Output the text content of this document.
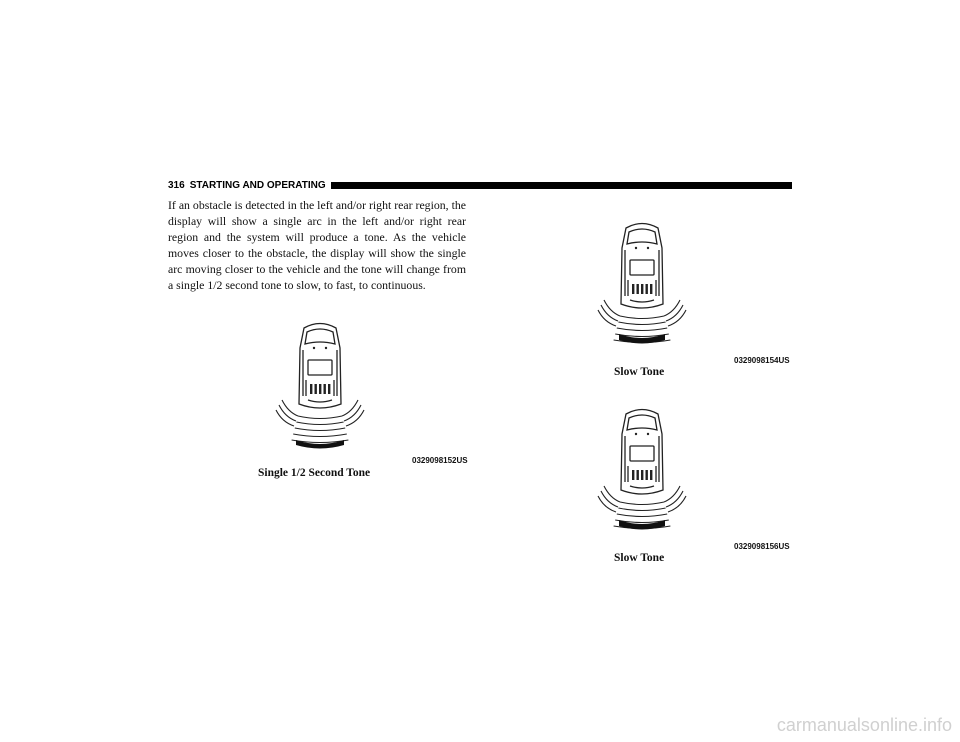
316 STARTING AND OPERATING

If an obstacle is detected in the left and/or right rear region, the display will show a single arc in the left and/or right rear region and the system will produce a tone. As the vehicle moves closer to the obstacle, the display will show the single arc moving closer to the vehicle and the tone will change from a single 1/2 second tone to slow, to fast, to continuous.

0329098152US
Single 1/2 Second Tone
0329098154US
Slow Tone
0329098156US
Slow Tone
carmanualsonline.info
